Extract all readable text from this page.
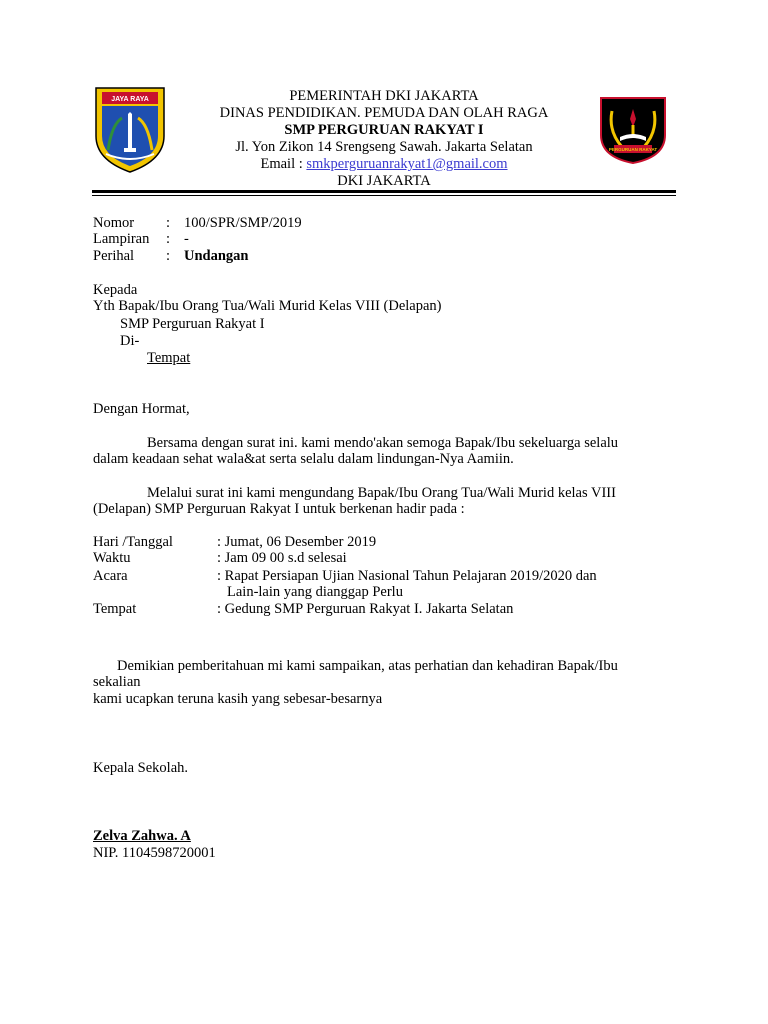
JAYA RAYA
PERGURUAN RAKYAT
PEMERINTAH DKI JAKARTA
DINAS PENDIDIKAN. PEMUDA DAN OLAH RAGA
SMP PERGURUAN RAKYAT I
Jl. Yon Zikon 14 Srengseng Sawah. Jakarta Selatan
Email : smkperguruanrakyat1@gmail.com
DKI JAKARTA
Nomor : 100/SPR/SMP/2019
Lampiran : -
Perihal : Undangan
Kepada
Yth Bapak/Ibu Orang Tua/Wali Murid Kelas VIII (Delapan)
SMP Perguruan Rakyat I
Di-
Tempat
Dengan Hormat,
Bersama dengan surat ini. kami mendo'akan semoga Bapak/Ibu sekeluarga selalu
dalam keadaan sehat wala&at serta selalu dalam lindungan-Nya Aamiin.
Melalui surat ini kami mengundang Bapak/Ibu Orang Tua/Wali Murid kelas VIII
(Delapan) SMP Perguruan Rakyat I untuk berkenan hadir pada :
Hari /Tanggal	: Jumat, 06 Desember 2019
Waktu	: Jam 09 00 s.d selesai
Acara	: Rapat Persiapan Ujian Nasional Tahun Pelajaran 2019/2020 dan
Lain-lain yang dianggap Perlu
Tempat	: Gedung SMP Perguruan Rakyat I. Jakarta Selatan
Demikian pemberitahuan mi kami sampaikan, atas perhatian dan kehadiran Bapak/Ibu
sekalian
kami ucapkan teruna kasih yang sebesar-besarnya
Kepala Sekolah.
Zelva Zahwa. A
NIP. 1104598720001
